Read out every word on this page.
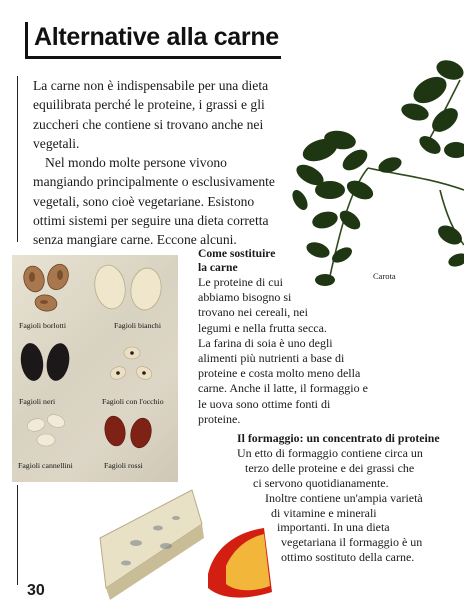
Alternative alla carne

La carne non è indispensabile per una dieta equilibrata perché le proteine, i grassi e gli zuccheri che contiene si trovano anche nei vegetali.

Nel mondo molte persone vivono mangiando principalmente o esclusivamente vegetali, sono cioè vegetariane. Esistono ottimi sistemi per seguire una dieta corretta senza mangiare carne. Eccone alcuni.

Carota
Fagioli borlotti	Fagioli bianchi
Fagioli neri	Fagioli con l'occhio
Fagioli cannellini	Fagioli rossi

Come sostituire
la carne

Le proteine di cui
abbiamo bisogno si
trovano nei cereali, nei
legumi e nella frutta secca.
La farina di soia è uno degli
alimenti più nutrienti a base di
proteine e costa molto meno della
carne. Anche il latte, il formaggio e
le uova sono ottime fonti di
proteine.

Il formaggio: un concentrato di proteine

Un etto di formaggio contiene circa un
terzo delle proteine e dei grassi che
ci servono quotidianamente.
Inoltre contiene un'ampia varietà
di vitamine e minerali
importanti. In una dieta
vegetariana il formaggio è un
ottimo sostituto della carne.

30
